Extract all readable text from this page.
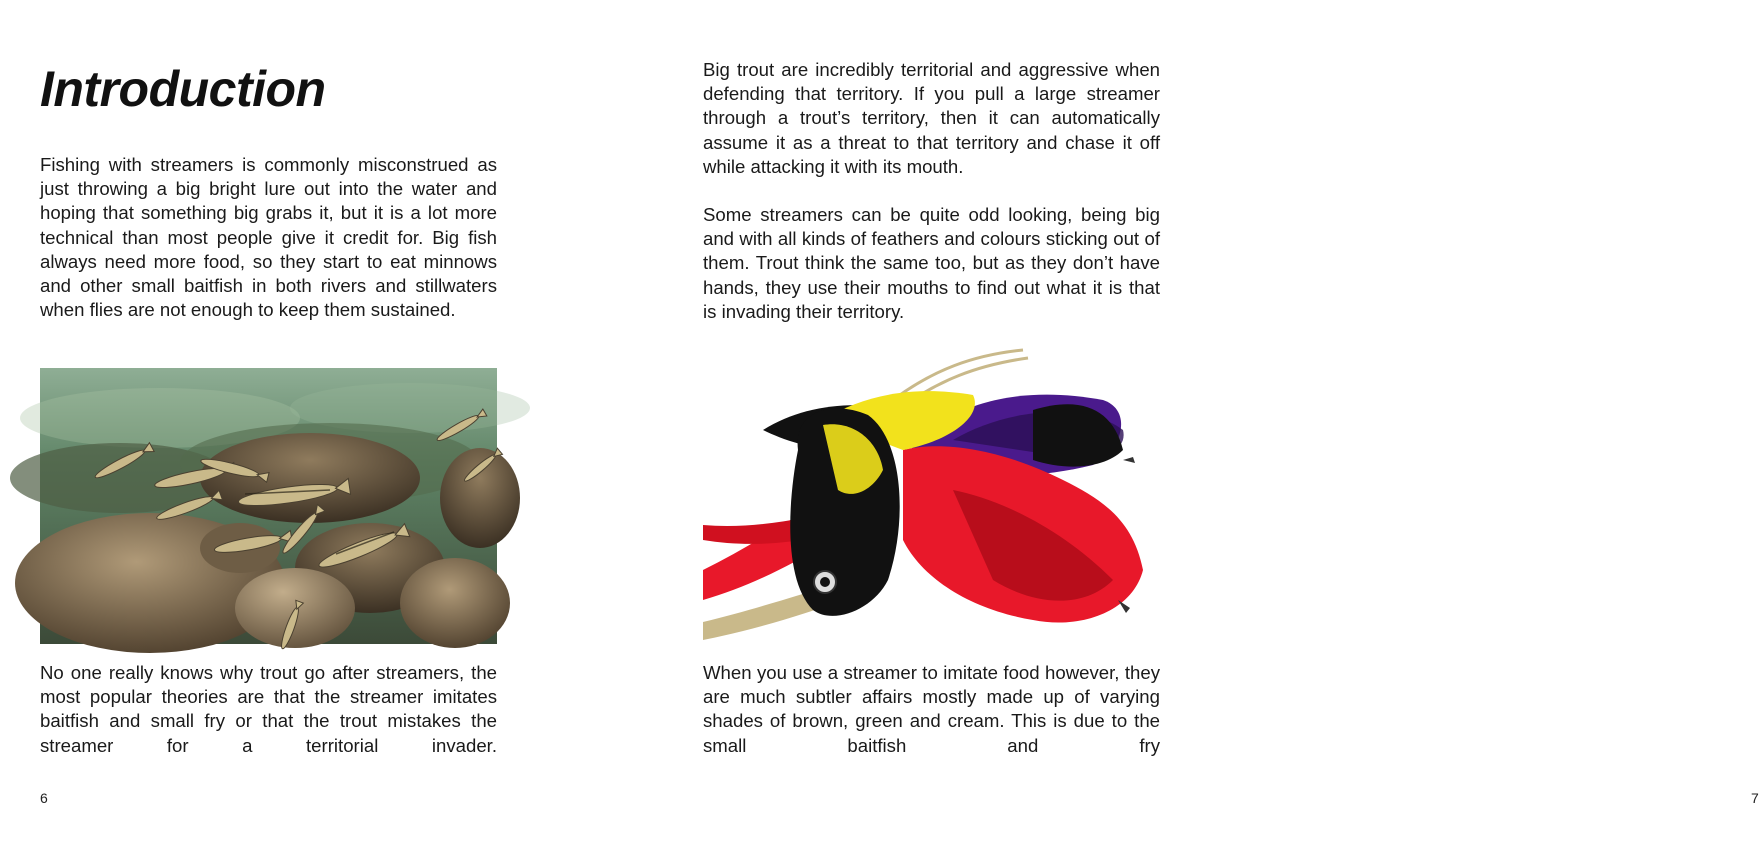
Introduction

Fishing with streamers is commonly misconstrued as just throwing a big bright lure out into the water and hoping that something big grabs it, but it is a lot more technical than most people give it credit for. Big fish always need more food, so they start to eat minnows and other small baitfish in both rivers and stillwaters when flies are not enough to keep them sustained.

No one really knows why trout go after streamers, the most popular theories are that the streamer imitates baitfish and small fry or that the trout mistakes the streamer for a territorial invader.

6

Big trout are incredibly territorial and aggressive when defending that territory. If you pull a large streamer through a trout’s territory, then it can automatically assume it as a threat to that territory and chase it off while attacking it with its mouth.

Some streamers can be quite odd looking, being big and with all kinds of feathers and colours sticking out of them. Trout think the same too, but as they don’t have hands, they use their mouths to find out what it is that is invading their territory.

When you use a streamer to imitate food however, they are much subtler affairs mostly made up of varying shades of brown, green and cream. This is due to the small baitfish and fry

7
